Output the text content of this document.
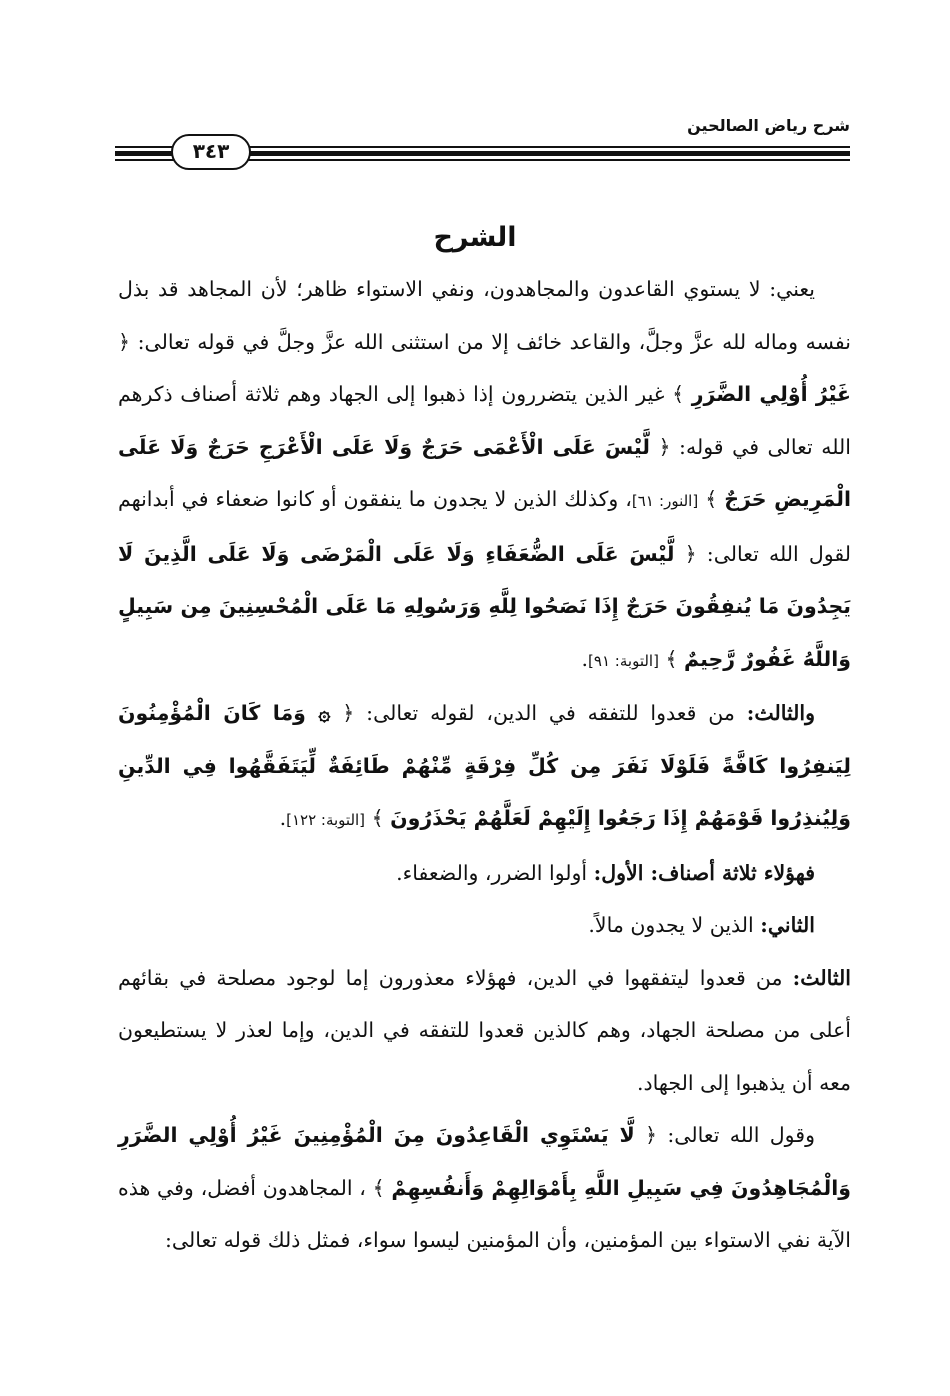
شرح رياض الصالحين
٣٤٣
الشرح

يعني: لا يستوي القاعدون والمجاهدون، ونفي الاستواء ظاهر؛ لأن المجاهد قد بذل نفسه وماله لله عزَّ وجلَّ، والقاعد خائف إلا من استثنى الله عزَّ وجلَّ في قوله تعالى: ﴿ غَيْرُ أُوْلِي الضَّرَرِ ﴾ غير الذين يتضررون إذا ذهبوا إلى الجهاد وهم ثلاثة أصناف ذكرهم الله تعالى في قوله: ﴿ لَّيْسَ عَلَى الْأَعْمَى حَرَجٌ وَلَا عَلَى الْأَعْرَجِ حَرَجٌ وَلَا عَلَى الْمَرِيضِ حَرَجٌ ﴾ [النور: ٦١]، وكذلك الذين لا يجدون ما ينفقون أو كانوا ضعفاء في أبدانهم لقول الله تعالى: ﴿ لَّيْسَ عَلَى الضُّعَفَاءِ وَلَا عَلَى الْمَرْضَى وَلَا عَلَى الَّذِينَ لَا يَجِدُونَ مَا يُنفِقُونَ حَرَجٌ إِذَا نَصَحُوا لِلَّهِ وَرَسُولِهِ مَا عَلَى الْمُحْسِنِينَ مِن سَبِيلٍ وَاللَّهُ غَفُورٌ رَّحِيمٌ ﴾ [التوبة: ٩١].

والثالث: من قعدوا للتفقه في الدين، لقوله تعالى: ﴿ ۞ وَمَا كَانَ الْمُؤْمِنُونَ لِيَنفِرُوا كَافَّةً فَلَوْلَا نَفَرَ مِن كُلِّ فِرْقَةٍ مِّنْهُمْ طَائِفَةٌ لِّيَتَفَقَّهُوا فِي الدِّينِ وَلِيُنذِرُوا قَوْمَهُمْ إِذَا رَجَعُوا إِلَيْهِمْ لَعَلَّهُمْ يَحْذَرُونَ ﴾ [التوبة: ١٢٢].

فهؤلاء ثلاثة أصناف: الأول: أولوا الضرر، والضعفاء.

الثاني: الذين لا يجدون مالاً.

الثالث: من قعدوا ليتفقهوا في الدين، فهؤلاء معذورون إما لوجود مصلحة في بقائهم أعلى من مصلحة الجهاد، وهم كالذين قعدوا للتفقه في الدين، وإما لعذر لا يستطيعون معه أن يذهبوا إلى الجهاد.

وقول الله تعالى: ﴿ لَّا يَسْتَوِي الْقَاعِدُونَ مِنَ الْمُؤْمِنِينَ غَيْرُ أُوْلِي الضَّرَرِ وَالْمُجَاهِدُونَ فِي سَبِيلِ اللَّهِ بِأَمْوَالِهِمْ وَأَنفُسِهِمْ ﴾ ، المجاهدون أفضل، وفي هذه الآية نفي الاستواء بين المؤمنين، وأن المؤمنين ليسوا سواء، فمثل ذلك قوله تعالى:
